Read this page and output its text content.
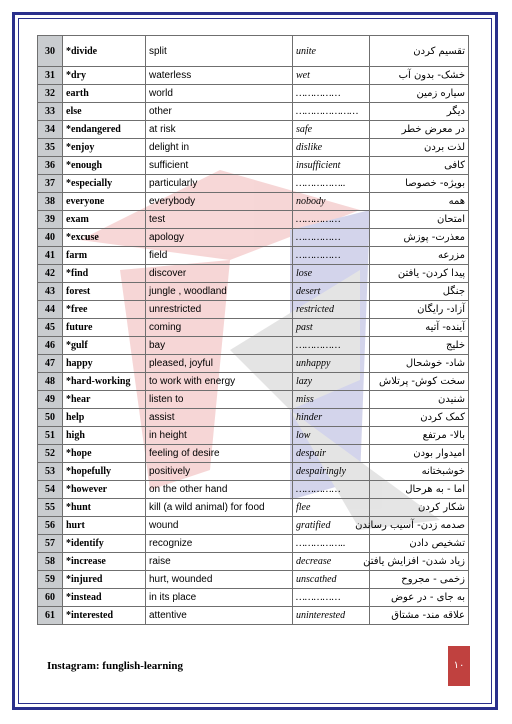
30	*divide	split	unite	تقسیم کردن
31	*dry	waterless	wet	خشک- بدون آب
32	earth	world	……………	سیاره زمین
33	else	other	…………………	دیگر
34	*endangered	at risk	safe	در معرض خطر
35	*enjoy	delight in	dislike	لذت بردن
36	*enough	sufficient	insufficient	کافی
37	*especially	particularly	……………..	بویژه- خصوصا
38	everyone	everybody	nobody	همه
39	exam	test	……………	امتحان
40	*excuse	apology	……………	معذرت- پوزش
41	farm	field	……………	مزرعه
42	*find	discover	lose	پیدا کردن- یافتن
43	forest	jungle , woodland	desert	جنگل
44	*free	unrestricted	restricted	آزاد- رایگان
45	future	coming	past	آینده- آتیه
46	*gulf	bay	……………	خلیج
47	happy	pleased, joyful	unhappy	شاد- خوشحال
48	*hard-working	to work with energy	lazy	سخت کوش- پرتلاش
49	*hear	listen to	miss	شنیدن
50	help	assist	hinder	کمک کردن
51	high	in height	low	بالا- مرتفع
52	*hope	feeling of desire	despair	امیدوار بودن
53	*hopefully	positively	despairingly	خوشبختانه
54	*however	on the other hand	……………	اما - به هرحال
55	*hunt	kill (a wild animal) for food	flee	شکار کردن
56	hurt	wound	gratified	صدمه زدن- آسیب رساندن
57	*identify	recognize	……………..	تشخیص دادن
58	*increase	raise	decrease	زیاد شدن- افزایش یافتن
59	*injured	hurt, wounded	unscathed	زخمی - مجروح
60	*instead	in its place	……………	به جای - در عوض
61	*interested	attentive	uninterested	علاقه مند- مشتاق
Instagram: funglish-learning	۱۰
